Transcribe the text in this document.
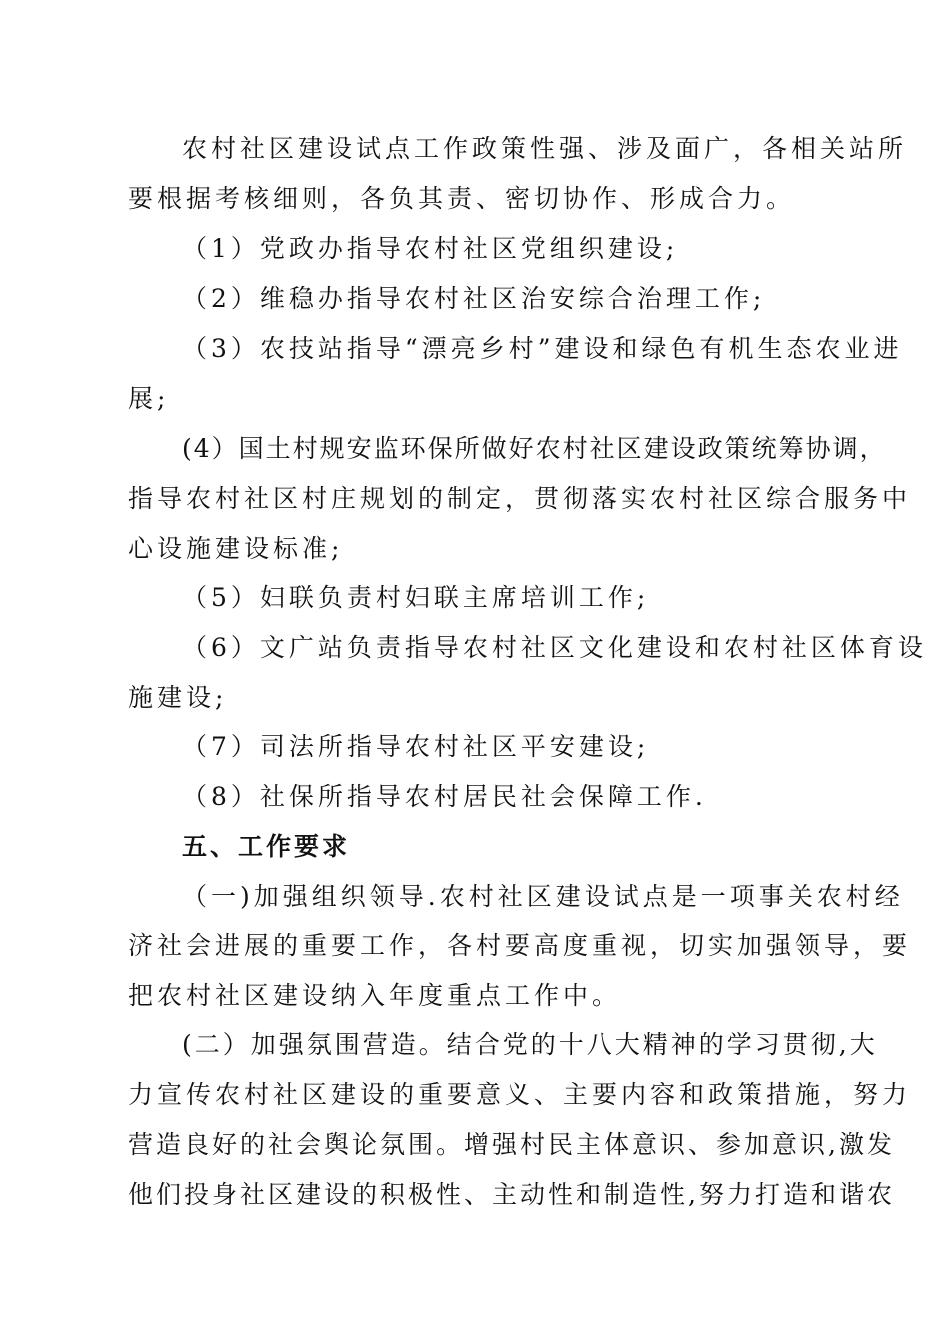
农村社区建设试点工作政策性强、涉及面广，各相关站所
要根据考核细则，各负其责、密切协作、形成合力。
（1）党政办指导农村社区党组织建设;
（2）维稳办指导农村社区治安综合治理工作;
（3）农技站指导“漂亮乡村”建设和绿色有机生态农业进
展;
(4）国土村规安监环保所做好农村社区建设政策统筹协调，
指导农村社区村庄规划的制定，贯彻落实农村社区综合服务中
心设施建设标准;
（5）妇联负责村妇联主席培训工作;
（6）文广站负责指导农村社区文化建设和农村社区体育设
施建设;
（7）司法所指导农村社区平安建设;
（8）社保所指导农村居民社会保障工作.
五、工作要求
（一)加强组织领导.农村社区建设试点是一项事关农村经
济社会进展的重要工作，各村要高度重视，切实加强领导，要
把农村社区建设纳入年度重点工作中。
(二）加强氛围营造。结合党的十八大精神的学习贯彻,大
力宣传农村社区建设的重要意义、主要内容和政策措施，努力
营造良好的社会舆论氛围。增强村民主体意识、参加意识,激发
他们投身社区建设的积极性、主动性和制造性,努力打造和谐农
